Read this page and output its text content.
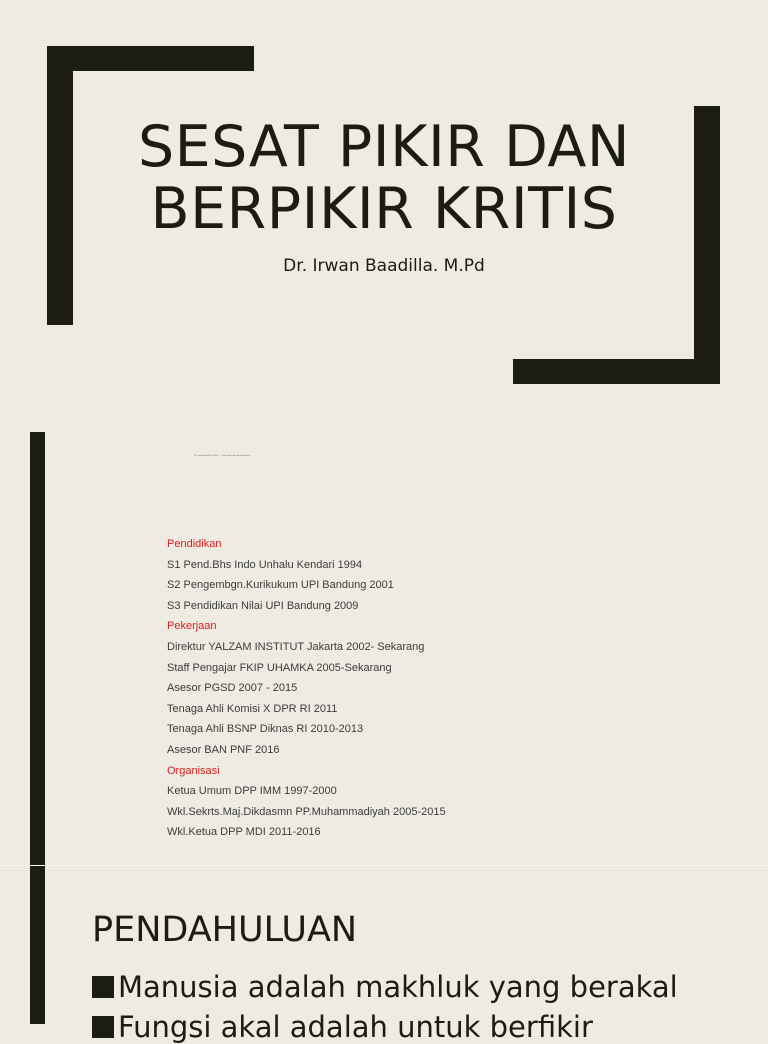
SESAT PIKIR DAN
BERPIKIR KRITIS
Dr. Irwan Baadilla. M.Pd
Dr. Irwan Baadilla, M.Pd. — Sesat Pikir dan Berpikir Kritis
Pendidikan
S1 Pend.Bhs Indo Unhalu Kendari 1994
S2 Pengembgn.Kurikukum UPI Bandung 2001
S3 Pendidikan Nilai UPI Bandung 2009
Pekerjaan
Direktur YALZAM INSTITUT Jakarta 2002- Sekarang
Staff Pengajar FKIP UHAMKA 2005-Sekarang
Asesor PGSD 2007 - 2015
Tenaga Ahli Komisi X DPR RI 2011
Tenaga Ahli BSNP Diknas RI 2010-2013
Asesor BAN PNF 2016
Organisasi
Ketua Umum DPP IMM 1997-2000
Wkl.Sekrts.Maj.Dikdasmn PP.Muhammadiyah 2005-2015
Wkl.Ketua DPP MDI 2011-2016
PENDAHULUAN
Manusia adalah makhluk yang berakal
Fungsi akal adalah untuk berfikir
